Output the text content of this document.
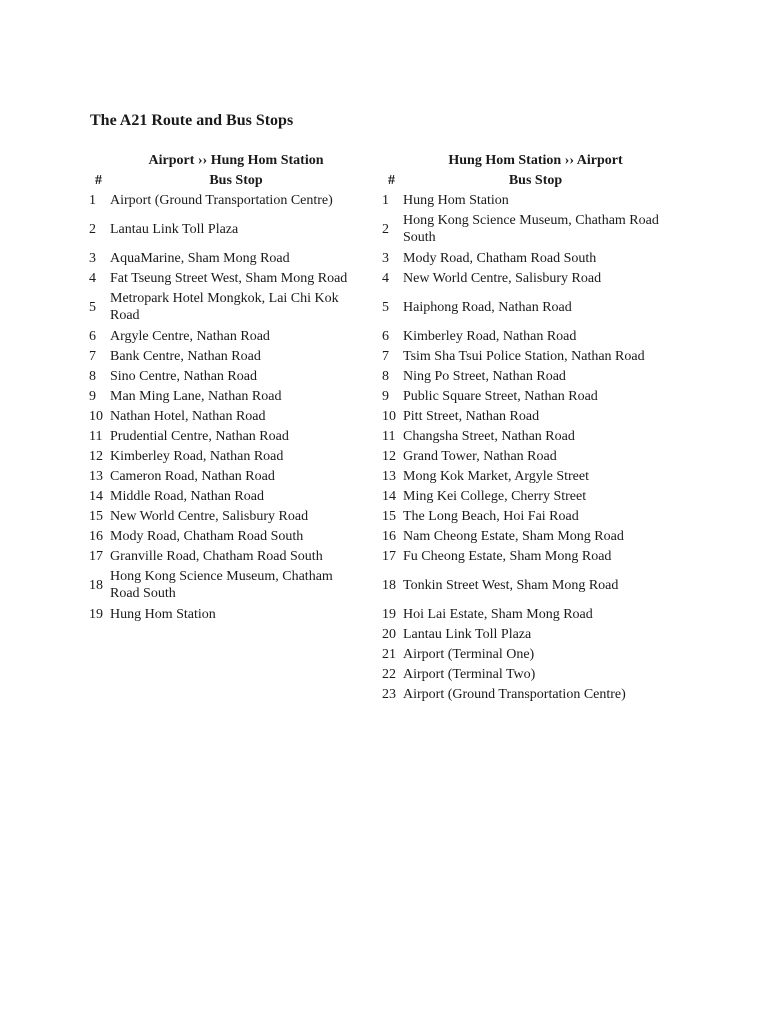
The A21 Route and Bus Stops
	Airport ›› Hung Hom Station
#	Bus Stop
1	Airport (Ground Transportation Centre)
2	Lantau Link Toll Plaza
3	AquaMarine, Sham Mong Road
4	Fat Tseung Street West, Sham Mong Road
5	Metropark Hotel Mongkok, Lai Chi Kok Road
6	Argyle Centre, Nathan Road
7	Bank Centre, Nathan Road
8	Sino Centre, Nathan Road
9	Man Ming Lane, Nathan Road
10	Nathan Hotel, Nathan Road
11	Prudential Centre, Nathan Road
12	Kimberley Road, Nathan Road
13	Cameron Road, Nathan Road
14	Middle Road, Nathan Road
15	New World Centre, Salisbury Road
16	Mody Road, Chatham Road South
17	Granville Road, Chatham Road South
18	Hong Kong Science Museum, Chatham Road South
19	Hung Hom Station
	Hung Hom Station ›› Airport
#	Bus Stop
1	Hung Hom Station
2	Hong Kong Science Museum, Chatham Road South
3	Mody Road, Chatham Road South
4	New World Centre, Salisbury Road
5	Haiphong Road, Nathan Road
6	Kimberley Road, Nathan Road
7	Tsim Sha Tsui Police Station, Nathan Road
8	Ning Po Street, Nathan Road
9	Public Square Street, Nathan Road
10	Pitt Street, Nathan Road
11	Changsha Street, Nathan Road
12	Grand Tower, Nathan Road
13	Mong Kok Market, Argyle Street
14	Ming Kei College, Cherry Street
15	The Long Beach, Hoi Fai Road
16	Nam Cheong Estate, Sham Mong Road
17	Fu Cheong Estate, Sham Mong Road
18	Tonkin Street West, Sham Mong Road
19	Hoi Lai Estate, Sham Mong Road
20	Lantau Link Toll Plaza
21	Airport (Terminal One)
22	Airport (Terminal Two)
23	Airport (Ground Transportation Centre)
